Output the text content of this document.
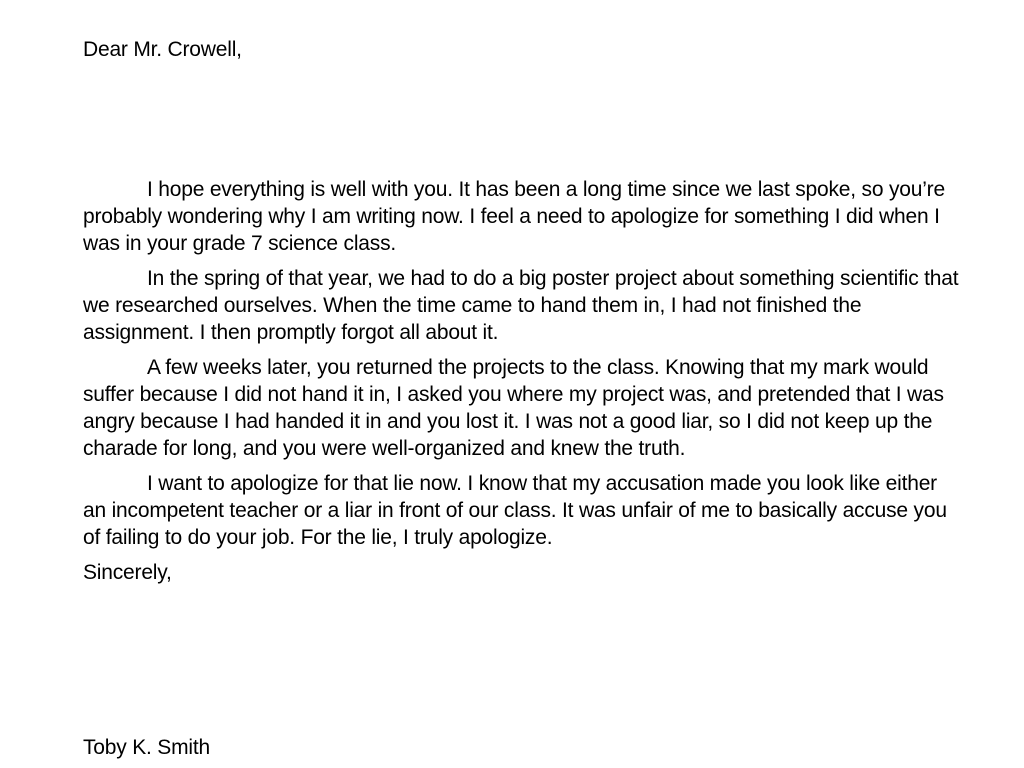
Dear Mr. Crowell,

I hope everything is well with you. It has been a long time since we last spoke, so you’re probably wondering why I am writing now. I feel a need to apologize for something I did when I was in your grade 7 science class.

In the spring of that year, we had to do a big poster project about something scientific that we researched ourselves. When the time came to hand them in, I had not finished the assignment. I then promptly forgot all about it.

A few weeks later, you returned the projects to the class. Knowing that my mark would suffer because I did not hand it in, I asked you where my project was, and pretended that I was angry because I had handed it in and you lost it. I was not a good liar, so I did not keep up the charade for long, and you were well-organized and knew the truth.

I want to apologize for that lie now. I know that my accusation made you look like either an incompetent teacher or a liar in front of our class. It was unfair of me to basically accuse you of failing to do your job. For the lie, I truly apologize.

Sincerely,

Toby K. Smith
